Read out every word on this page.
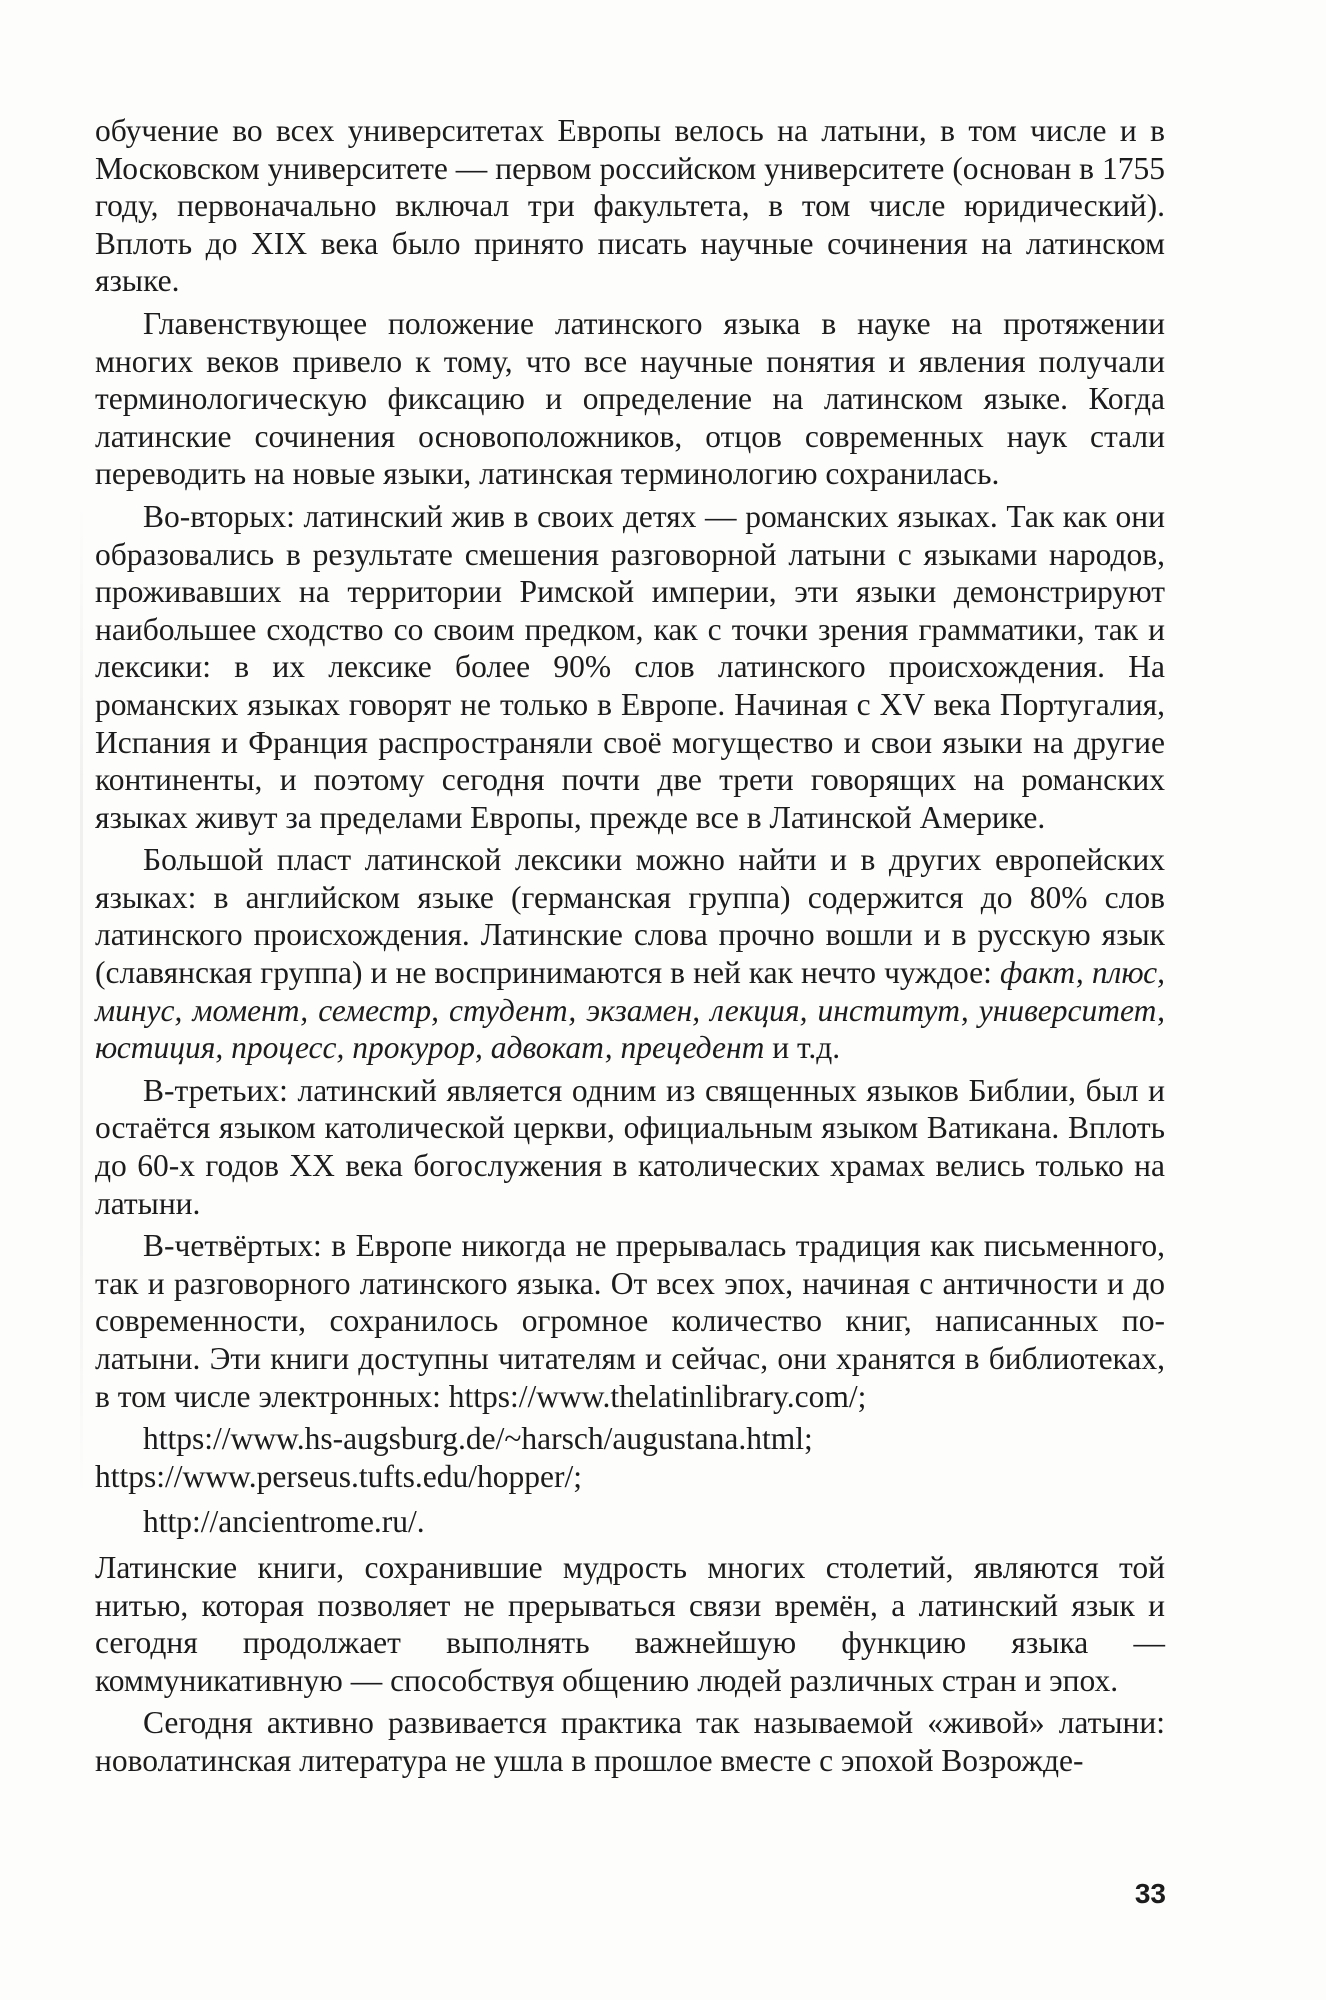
обучение во всех университетах Европы велось на латыни, в том числе и в Московском университете — первом российском университете (основан в 1755 году, первоначально включал три факультета, в том числе юридический). Вплоть до XIX века было принято писать научные сочинения на латинском языке.

Главенствующее положение латинского языка в науке на протяжении многих веков привело к тому, что все научные понятия и явления получали терминологическую фиксацию и определение на латинском языке. Когда латинские сочинения основоположников, отцов современных наук стали переводить на новые языки, латинская терминологию сохранилась.

Во-вторых: латинский жив в своих детях — романских языках. Так как они образовались в результате смешения разговорной латыни с языками народов, проживавших на территории Римской империи, эти языки демонстрируют наибольшее сходство со своим предком, как с точки зрения грамматики, так и лексики: в их лексике более 90% слов латинского происхождения. На романских языках говорят не только в Европе. Начиная с XV века Португалия, Испания и Франция распространяли своё могущество и свои языки на другие континенты, и поэтому сегодня почти две трети говорящих на романских языках живут за пределами Европы, прежде все в Латинской Америке.

Большой пласт латинской лексики можно найти и в других европейских языках: в английском языке (германская группа) содержится до 80% слов латинского происхождения. Латинские слова прочно вошли и в русскую язык (славянская группа) и не воспринимаются в ней как нечто чуждое: факт, плюс, минус, момент, семестр, студент, экзамен, лекция, институт, университет, юстиция, процесс, прокурор, адвокат, прецедент и т.д.

В-третьих: латинский является одним из священных языков Библии, был и остаётся языком католической церкви, официальным языком Ватикана. Вплоть до 60-х годов XX века богослужения в католических храмах велись только на латыни.

В-четвёртых: в Европе никогда не прерывалась традиция как письменного, так и разговорного латинского языка. От всех эпох, начиная с античности и до современности, сохранилось огромное количество книг, написанных по-латыни. Эти книги доступны читателям и сейчас, они хранятся в библиотеках, в том числе электронных: https://www.thelatinlibrary.com/;

https://www.hs-augsburg.de/~harsch/augustana.html; https://www.perseus.tufts.edu/hopper/;

http://ancientrome.ru/.

Латинские книги, сохранившие мудрость многих столетий, являются той нитью, которая позволяет не прерываться связи времён, а латинский язык и сегодня продолжает выполнять важнейшую функцию языка — коммуникативную — способствуя общению людей различных стран и эпох.

Сегодня активно развивается практика так называемой «живой» латыни: новолатинская литература не ушла в прошлое вместе с эпохой Возрожде-

33
